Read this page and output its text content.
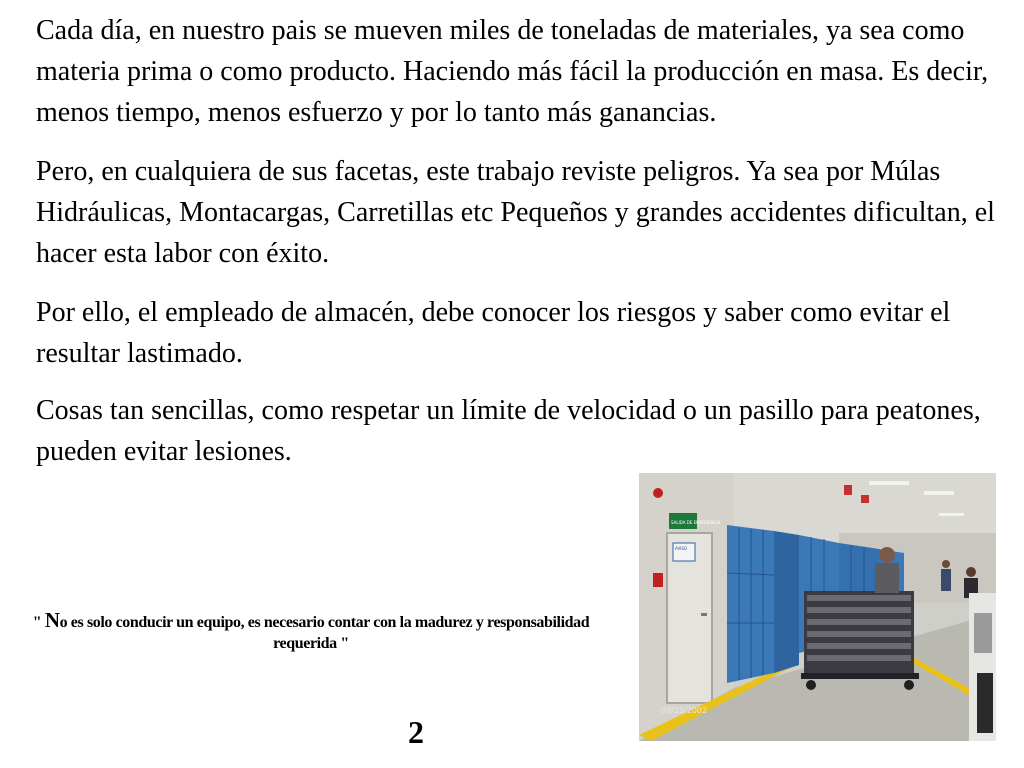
Cada día, en nuestro pais se mueven miles de toneladas de materiales, ya sea como materia prima o como producto. Haciendo más fácil la producción en masa. Es decir, menos tiempo, menos esfuerzo y por lo tanto más ganancias.

Pero, en cualquiera de sus facetas, este trabajo reviste peligros. Ya sea por Múlas Hidráulicas, Montacargas, Carretillas etc Pequeños y grandes accidentes dificultan, el hacer esta labor con éxito.

Por ello, el empleado de almacén, debe conocer los riesgos y saber como evitar el resultar lastimado.

Cosas tan sencillas, como respetar un límite de velocidad o un pasillo para peatones, pueden evitar lesiones.

" No es solo conducir un equipo, es necesario contar con la madurez y responsabilidad requerida "
2
SALIDA DE EMERGENCIA
AVISO
09/25/2002
